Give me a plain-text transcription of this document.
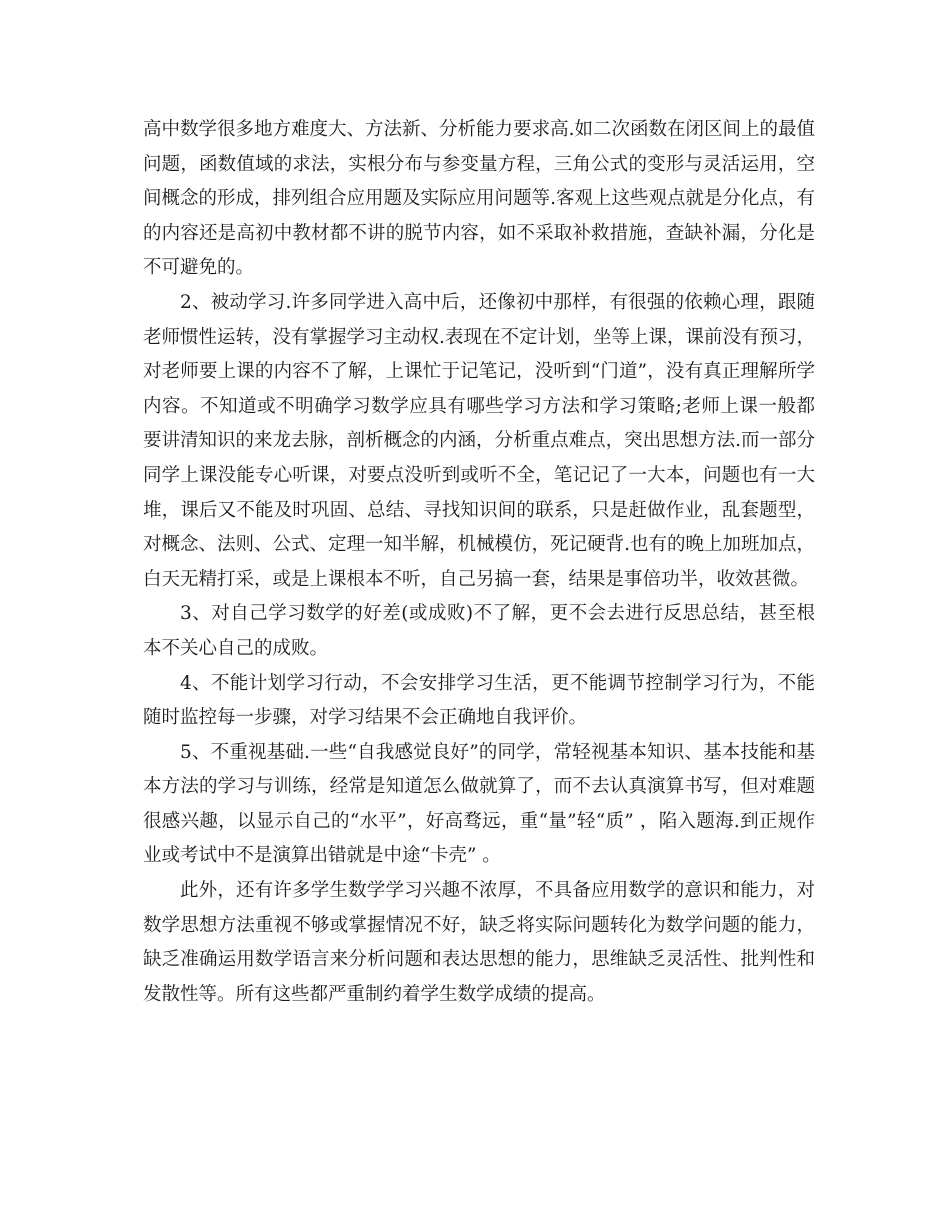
高中数学很多地方难度大、方法新、分析能力要求高.如二次函数在闭区间上的最值问题，函数值域的求法，实根分布与参变量方程，三角公式的变形与灵活运用，空间概念的形成，排列组合应用题及实际应用问题等.客观上这些观点就是分化点，有的内容还是高初中教材都不讲的脱节内容，如不采取补救措施，查缺补漏，分化是不可避免的。

2、被动学习.许多同学进入高中后，还像初中那样，有很强的依赖心理，跟随老师惯性运转，没有掌握学习主动权.表现在不定计划，坐等上课，课前没有预习，对老师要上课的内容不了解，上课忙于记笔记，没听到“门道”，没有真正理解所学内容。不知道或不明确学习数学应具有哪些学习方法和学习策略;老师上课一般都要讲清知识的来龙去脉，剖析概念的内涵，分析重点难点，突出思想方法.而一部分同学上课没能专心听课，对要点没听到或听不全，笔记记了一大本，问题也有一大堆，课后又不能及时巩固、总结、寻找知识间的联系，只是赶做作业，乱套题型，对概念、法则、公式、定理一知半解，机械模仿，死记硬背.也有的晚上加班加点，白天无精打采，或是上课根本不听，自己另搞一套，结果是事倍功半，收效甚微。

3、对自己学习数学的好差(或成败)不了解，更不会去进行反思总结，甚至根本不关心自己的成败。

4、不能计划学习行动，不会安排学习生活，更不能调节控制学习行为，不能随时监控每一步骤，对学习结果不会正确地自我评价。

5、不重视基础.一些“自我感觉良好”的同学，常轻视基本知识、基本技能和基本方法的学习与训练，经常是知道怎么做就算了，而不去认真演算书写，但对难题很感兴趣，以显示自己的“水平”，好高骛远，重“量”轻“质” ，陷入题海.到正规作业或考试中不是演算出错就是中途“卡壳” 。

此外，还有许多学生数学学习兴趣不浓厚，不具备应用数学的意识和能力，对数学思想方法重视不够或掌握情况不好，缺乏将实际问题转化为数学问题的能力，缺乏准确运用数学语言来分析问题和表达思想的能力，思维缺乏灵活性、批判性和发散性等。所有这些都严重制约着学生数学成绩的提高。
